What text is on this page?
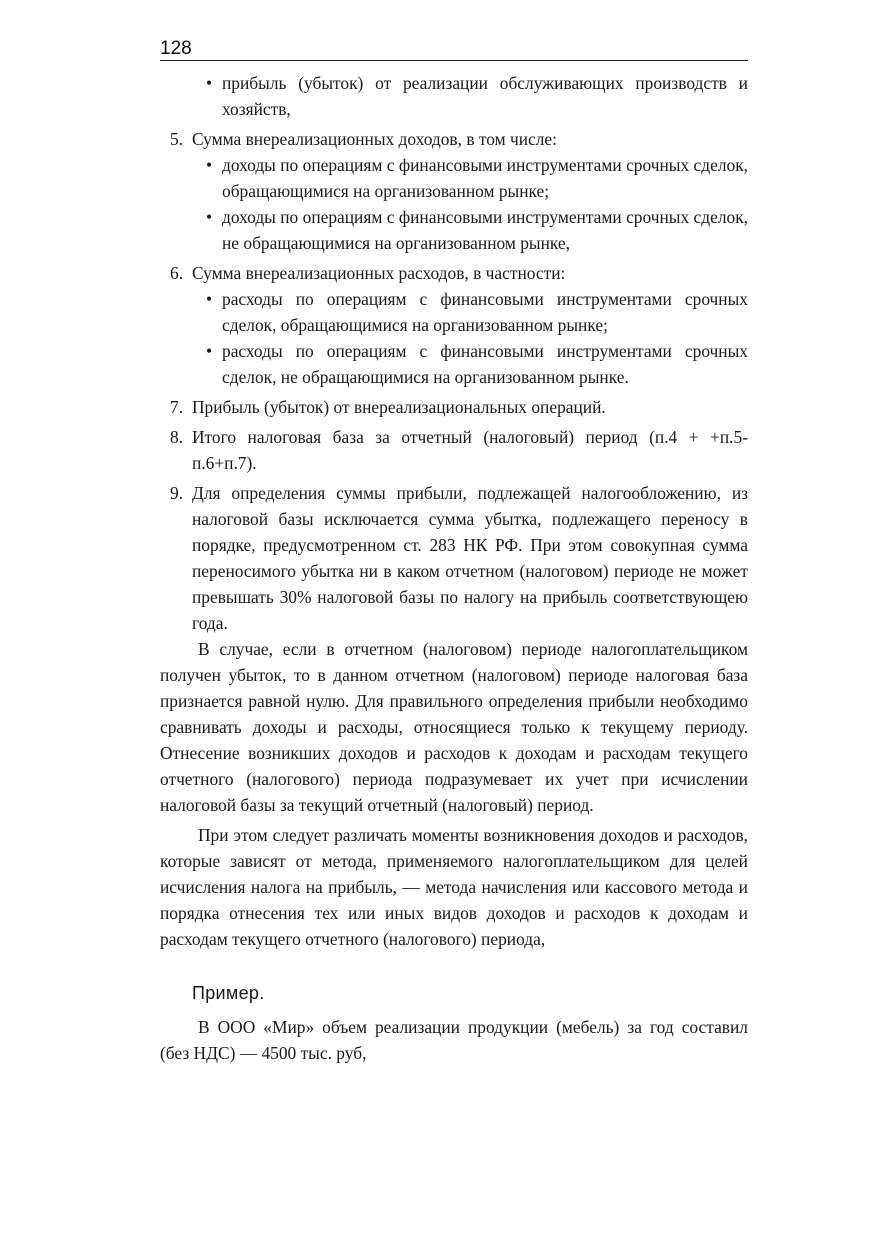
128

• прибыль (убыток) от реализации обслуживающих производств и хозяйств,

5. Сумма внереализационных доходов, в том числе:

• доходы по операциям с финансовыми инструментами срочных сделок, обращающимися на организованном рынке;

• доходы по операциям с финансовыми инструментами срочных сделок, не обращающимися на организованном рынке,

6. Сумма внереализационных расходов, в частности:

• расходы по операциям с финансовыми инструментами срочных сделок, обращающимися на организованном рынке;

• расходы по операциям с финансовыми инструментами срочных сделок, не обращающимися на организованном рынке.

7. Прибыль (убыток) от внереализациональных операций.

8. Итого налоговая база за отчетный (налоговый) период (п.4 + +п.5-п.6+п.7).

9. Для определения суммы прибыли, подлежащей налогообложению, из налоговой базы исключается сумма убытка, подлежащего переносу в порядке, предусмотренном ст. 283 НК РФ. При этом совокупная сумма переносимого убытка ни в каком отчетном (налоговом) периоде не может превышать 30% налоговой базы по налогу на прибыль соответствующею года.

В случае, если в отчетном (налоговом) периоде налогоплательщиком получен убыток, то в данном отчетном (налоговом) периоде налоговая база признается равной нулю. Для правильного определения прибыли необходимо сравнивать доходы и расходы, относящиеся только к текущему периоду. Отнесение возникших доходов и расходов к доходам и расходам текущего отчетного (налогового) периода подразумевает их учет при исчислении налоговой базы за текущий отчетный (налоговый) период.

При этом следует различать моменты возникновения доходов и расходов, которые зависят от метода, применяемого налогоплательщиком для целей исчисления налога на прибыль, — метода начисления или кассового метода и порядка отнесения тех или иных видов доходов и расходов к доходам и расходам текущего отчетного (налогового) периода,

Пример.

В ООО «Мир» объем реализации продукции (мебель) за год составил (без НДС) — 4500 тыс. руб,
